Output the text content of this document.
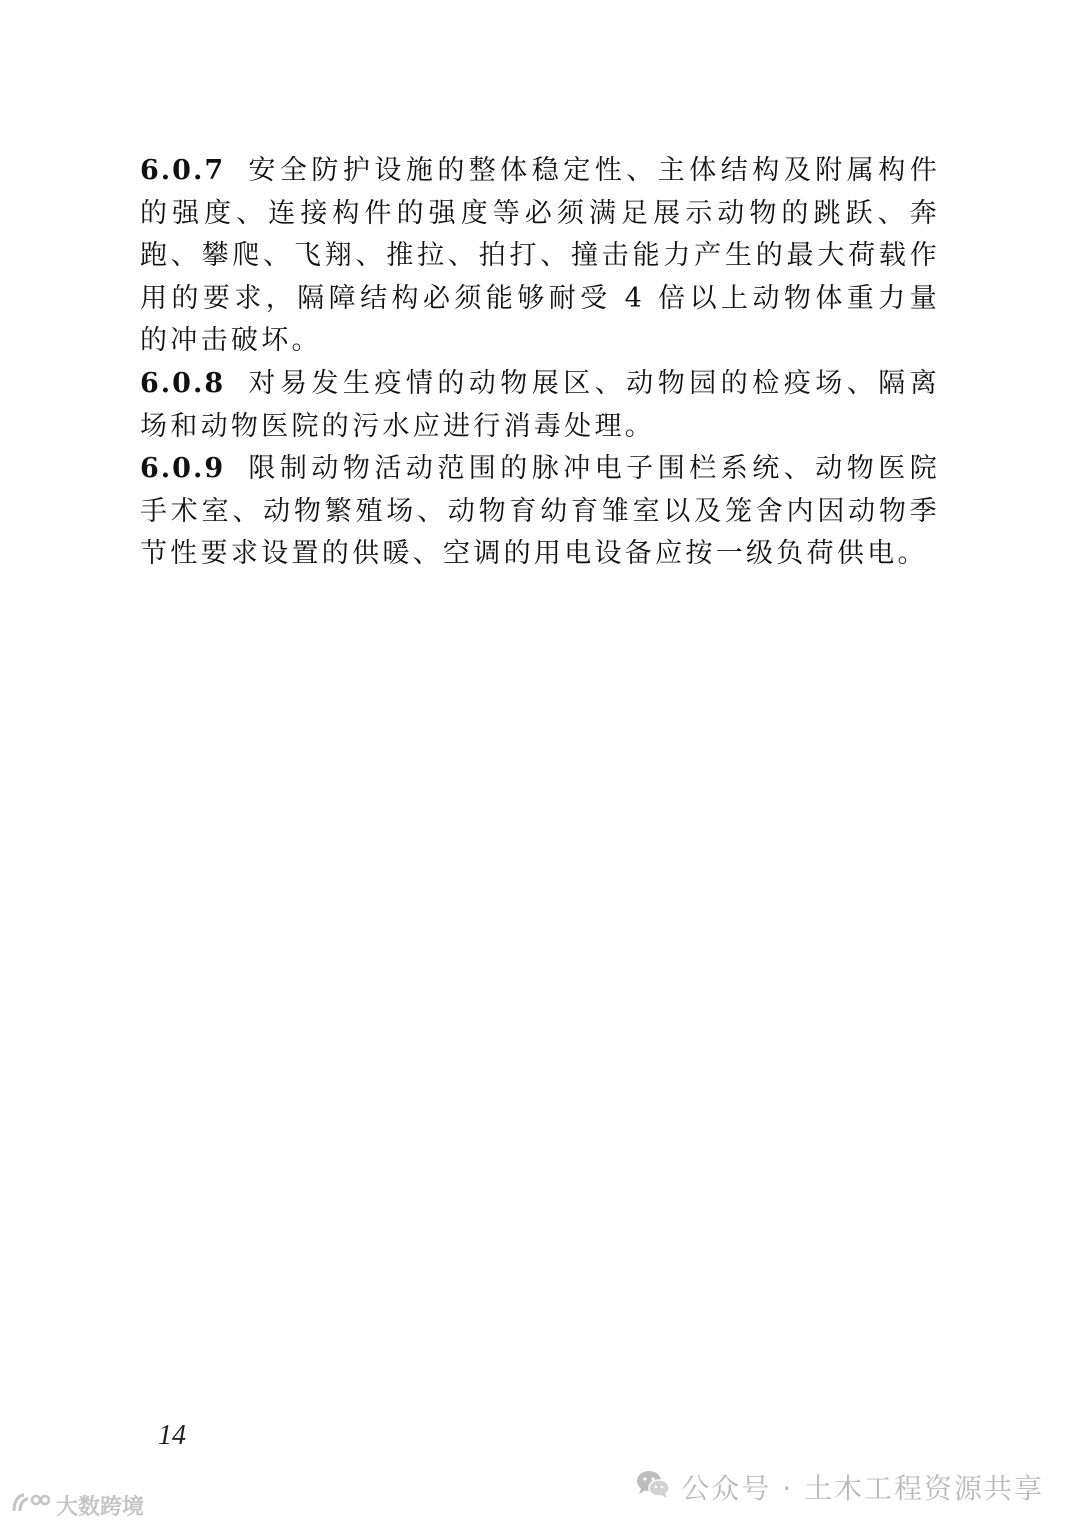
6.0.7 安全防护设施的整体稳定性、主体结构及附属构件的强度、连接构件的强度等必须满足展示动物的跳跃、奔跑、攀爬、飞翔、推拉、拍打、撞击能力产生的最大荷载作用的要求，隔障结构必须能够耐受 4 倍以上动物体重力量的冲击破坏。

6.0.8 对易发生疫情的动物展区、动物园的检疫场、隔离场和动物医院的污水应进行消毒处理。

6.0.9 限制动物活动范围的脉冲电子围栏系统、动物医院手术室、动物繁殖场、动物育幼育雏室以及笼舍内因动物季节性要求设置的供暖、空调的用电设备应按一级负荷供电。

14
公众号 · 土木工程资源共享
大数跨境
